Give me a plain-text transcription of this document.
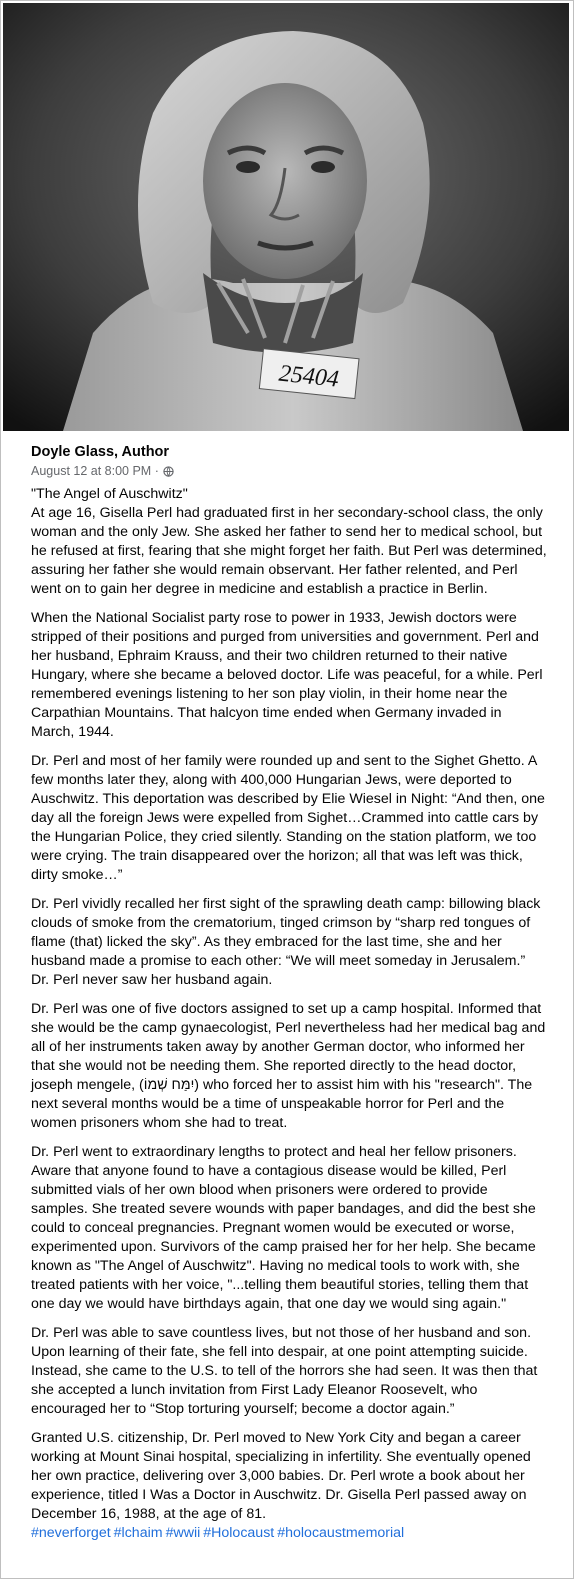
25404
Doyle Glass, Author
August 12 at 8:00 PM ·

"The Angel of Auschwitz"
At age 16, Gisella Perl had graduated first in her secondary-school class, the only woman and the only Jew. She asked her father to send her to medical school, but he refused at first, fearing that she might forget her faith. But Perl was determined, assuring her father she would remain observant. Her father relented, and Perl went on to gain her degree in medicine and establish a practice in Berlin.

When the National Socialist party rose to power in 1933, Jewish doctors were stripped of their positions and purged from universities and government. Perl and her husband, Ephraim Krauss, and their two children returned to their native Hungary, where she became a beloved doctor. Life was peaceful, for a while. Perl remembered evenings listening to her son play violin, in their home near the Carpathian Mountains. That halcyon time ended when Germany invaded in March, 1944.

Dr. Perl and most of her family were rounded up and sent to the Sighet Ghetto. A few months later they, along with 400,000 Hungarian Jews, were deported to Auschwitz. This deportation was described by Elie Wiesel in Night: “And then, one day all the foreign Jews were expelled from Sighet…Crammed into cattle cars by the Hungarian Police, they cried silently. Standing on the station platform, we too were crying. The train disappeared over the horizon; all that was left was thick, dirty smoke…”

Dr. Perl vividly recalled her first sight of the sprawling death camp: billowing black clouds of smoke from the crematorium, tinged crimson by “sharp red tongues of flame (that) licked the sky”. As they embraced for the last time, she and her husband made a promise to each other: “We will meet someday in Jerusalem.” Dr. Perl never saw her husband again.

Dr. Perl was one of five doctors assigned to set up a camp hospital. Informed that she would be the camp gynaecologist, Perl nevertheless had her medical bag and all of her instruments taken away by another German doctor, who informed her that she would not be needing them. She reported directly to the head doctor, joseph mengele, (יִמַּח שְׁמוֹ) who forced her to assist him with his "research". The next several months would be a time of unspeakable horror for Perl and the women prisoners whom she had to treat.

Dr. Perl went to extraordinary lengths to protect and heal her fellow prisoners. Aware that anyone found to have a contagious disease would be killed, Perl submitted vials of her own blood when prisoners were ordered to provide samples. She treated severe wounds with paper bandages, and did the best she could to conceal pregnancies. Pregnant women would be executed or worse, experimented upon. Survivors of the camp praised her for her help. She became known as "The Angel of Auschwitz". Having no medical tools to work with, she treated patients with her voice, "...telling them beautiful stories, telling them that one day we would have birthdays again, that one day we would sing again."

Dr. Perl was able to save countless lives, but not those of her husband and son. Upon learning of their fate, she fell into despair, at one point attempting suicide. Instead, she came to the U.S. to tell of the horrors she had seen. It was then that she accepted a lunch invitation from First Lady Eleanor Roosevelt, who encouraged her to “Stop torturing yourself; become a doctor again.”

Granted U.S. citizenship, Dr. Perl moved to New York City and began a career working at Mount Sinai hospital, specializing in infertility. She eventually opened her own practice, delivering over 3,000 babies. Dr. Perl wrote a book about her experience, titled I Was a Doctor in Auschwitz. Dr. Gisella Perl passed away on December 16, 1988, at the age of 81.

#neverforget #lchaim #wwii #Holocaust #holocaustmemorial
